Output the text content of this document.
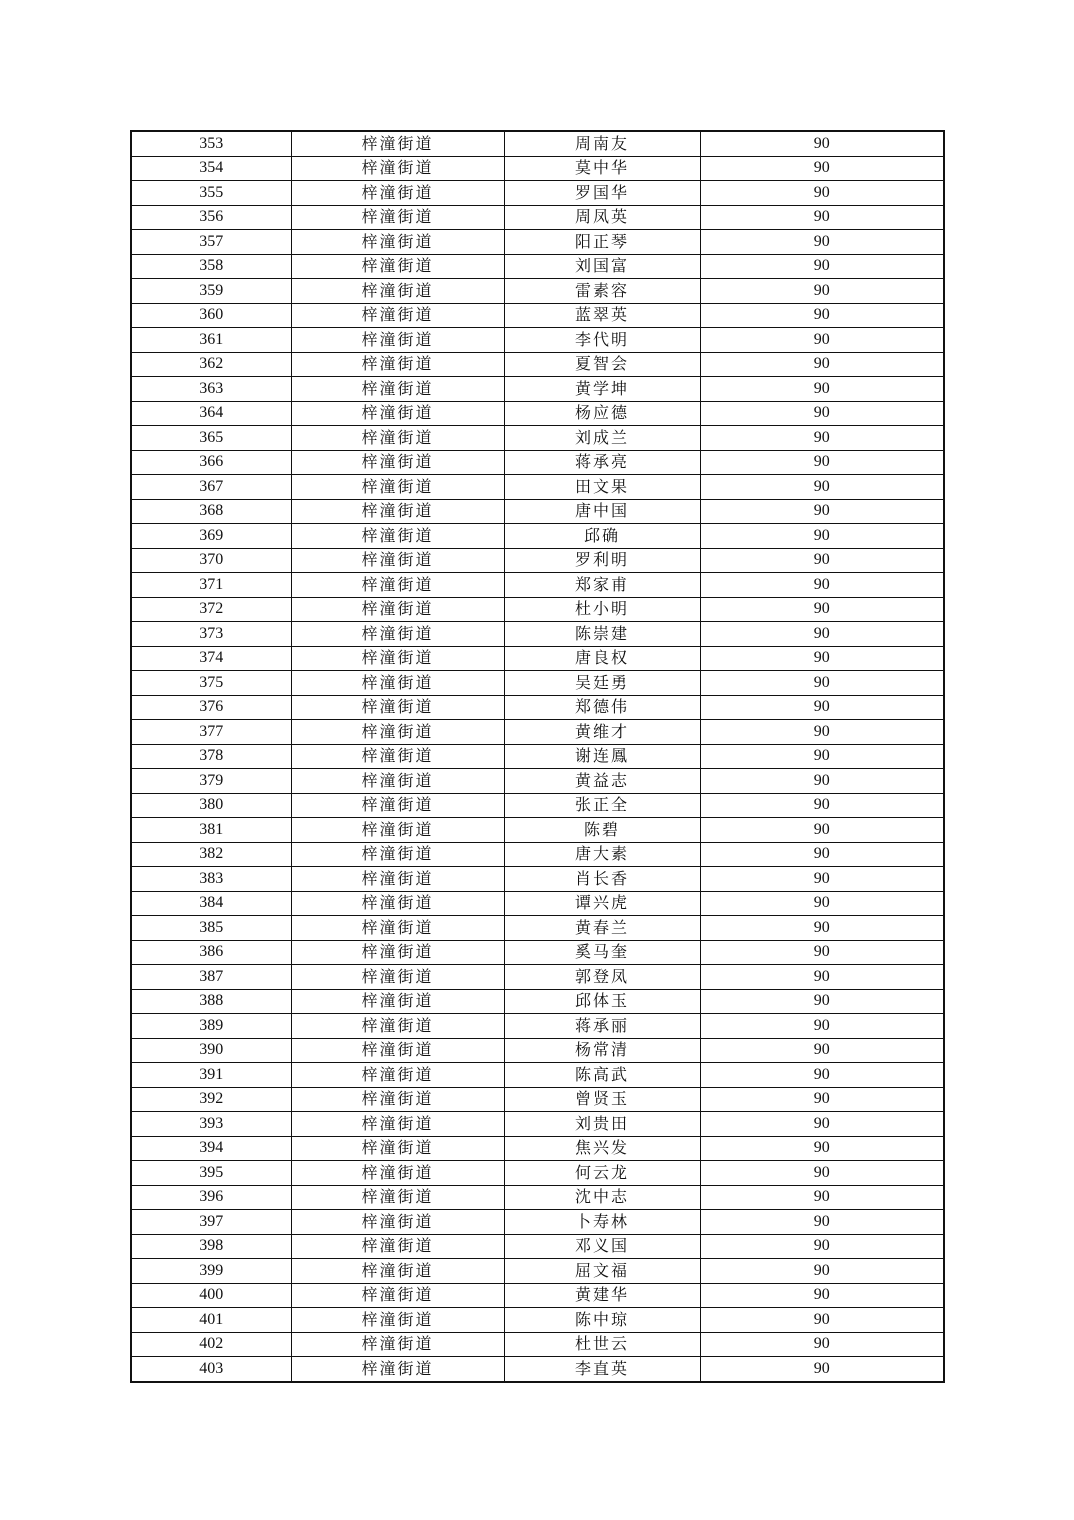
353	梓潼街道	周南友	90
354	梓潼街道	莫中华	90
355	梓潼街道	罗国华	90
356	梓潼街道	周凤英	90
357	梓潼街道	阳正琴	90
358	梓潼街道	刘国富	90
359	梓潼街道	雷素容	90
360	梓潼街道	蓝翠英	90
361	梓潼街道	李代明	90
362	梓潼街道	夏智会	90
363	梓潼街道	黄学坤	90
364	梓潼街道	杨应德	90
365	梓潼街道	刘成兰	90
366	梓潼街道	蒋承亮	90
367	梓潼街道	田文果	90
368	梓潼街道	唐中国	90
369	梓潼街道	邱确	90
370	梓潼街道	罗利明	90
371	梓潼街道	郑家甫	90
372	梓潼街道	杜小明	90
373	梓潼街道	陈崇建	90
374	梓潼街道	唐良权	90
375	梓潼街道	吴廷勇	90
376	梓潼街道	郑德伟	90
377	梓潼街道	黄维才	90
378	梓潼街道	谢连鳳	90
379	梓潼街道	黄益志	90
380	梓潼街道	张正全	90
381	梓潼街道	陈碧	90
382	梓潼街道	唐大素	90
383	梓潼街道	肖长香	90
384	梓潼街道	谭兴虎	90
385	梓潼街道	黄春兰	90
386	梓潼街道	奚马奎	90
387	梓潼街道	郭登凤	90
388	梓潼街道	邱体玉	90
389	梓潼街道	蒋承丽	90
390	梓潼街道	杨常清	90
391	梓潼街道	陈高武	90
392	梓潼街道	曾贤玉	90
393	梓潼街道	刘贵田	90
394	梓潼街道	焦兴发	90
395	梓潼街道	何云龙	90
396	梓潼街道	沈中志	90
397	梓潼街道	卜寿林	90
398	梓潼街道	邓义国	90
399	梓潼街道	屈文福	90
400	梓潼街道	黄建华	90
401	梓潼街道	陈中琼	90
402	梓潼街道	杜世云	90
403	梓潼街道	李直英	90
